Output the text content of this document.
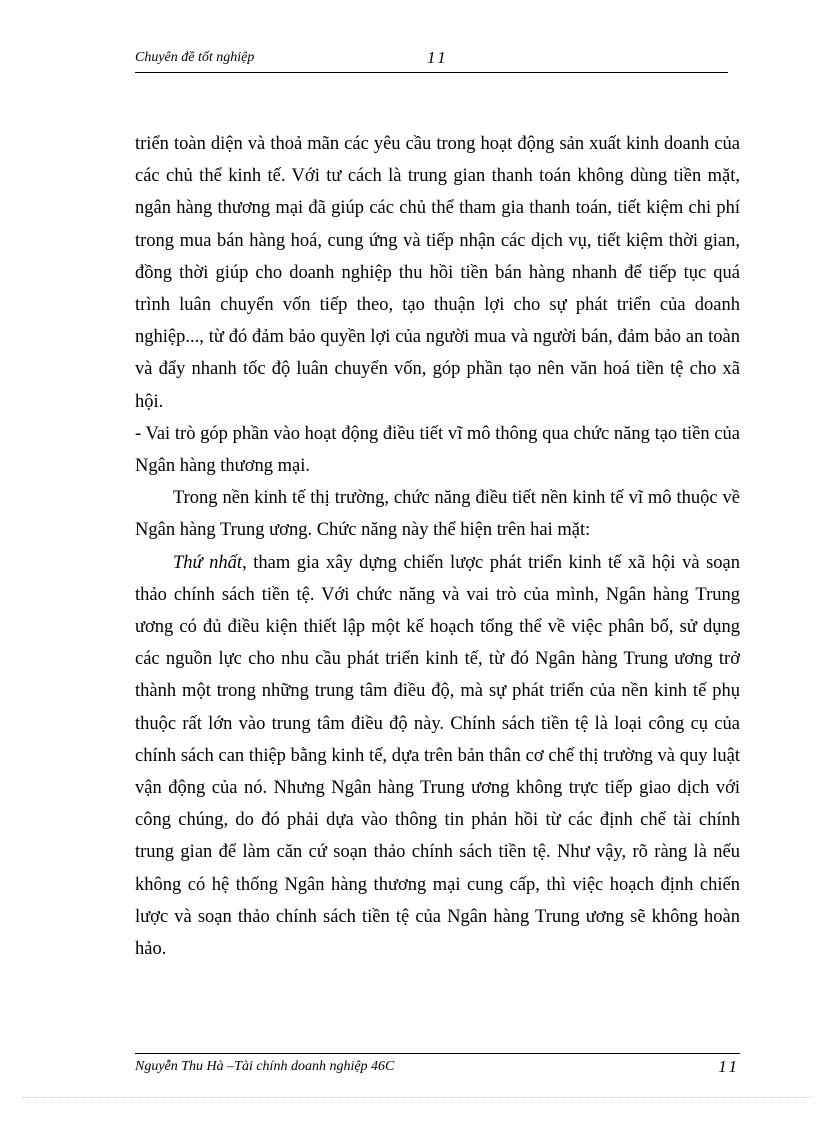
Chuyên đề tốt nghiệp	11

triển toàn diện và thoả mãn các yêu cầu trong hoạt động sản xuất kinh doanh của các chủ thể kinh tế. Với tư cách là trung gian thanh toán không dùng tiền mặt, ngân hàng thương mại đã giúp các chủ thể tham gia thanh toán, tiết kiệm chi phí trong mua bán hàng hoá, cung ứng và tiếp nhận các dịch vụ, tiết kiệm thời gian, đồng thời giúp cho doanh nghiệp thu hồi tiền bán hàng nhanh để tiếp tục quá trình luân chuyển vốn tiếp theo, tạo thuận lợi cho sự phát triển của doanh nghiệp..., từ đó đảm bảo quyền lợi của người mua và người bán, đảm bảo an toàn và đẩy nhanh tốc độ luân chuyển vốn, góp phần tạo nên văn hoá tiền tệ cho xã hội.

- Vai trò góp phần vào hoạt động điều tiết vĩ mô thông qua chức năng tạo tiền của Ngân hàng thương mại.

Trong nền kinh tế thị trường, chức năng điều tiết nền kinh tế vĩ mô thuộc về Ngân hàng Trung ương. Chức năng này thể hiện trên hai mặt:

Thứ nhất, tham gia xây dựng chiến lược phát triển kinh tế xã hội và soạn thảo chính sách tiền tệ. Với chức năng và vai trò của mình, Ngân hàng Trung ương có đủ điều kiện thiết lập một kế hoạch tổng thể về việc phân bổ, sử dụng các nguồn lực cho nhu cầu phát triển kinh tế, từ đó Ngân hàng Trung ương trở thành một trong những trung tâm điều độ, mà sự phát triển của nền kinh tế phụ thuộc rất lớn vào trung tâm điều độ này. Chính sách tiền tệ là loại công cụ của chính sách can thiệp bằng kinh tế, dựa trên bản thân cơ chế thị trường và quy luật vận động của nó. Nhưng Ngân hàng Trung ương không trực tiếp giao dịch với công chúng, do đó phải dựa vào thông tin phản hồi từ các định chế tài chính trung gian để làm căn cứ soạn thảo chính sách tiền tệ. Như vậy, rõ ràng là nếu không có hệ thống Ngân hàng thương mại cung cấp, thì việc hoạch định chiến lược và soạn thảo chính sách tiền tệ của Ngân hàng Trung ương sẽ không hoàn hảo.

Nguyễn Thu Hà –Tài chính doanh nghiệp 46C	11
